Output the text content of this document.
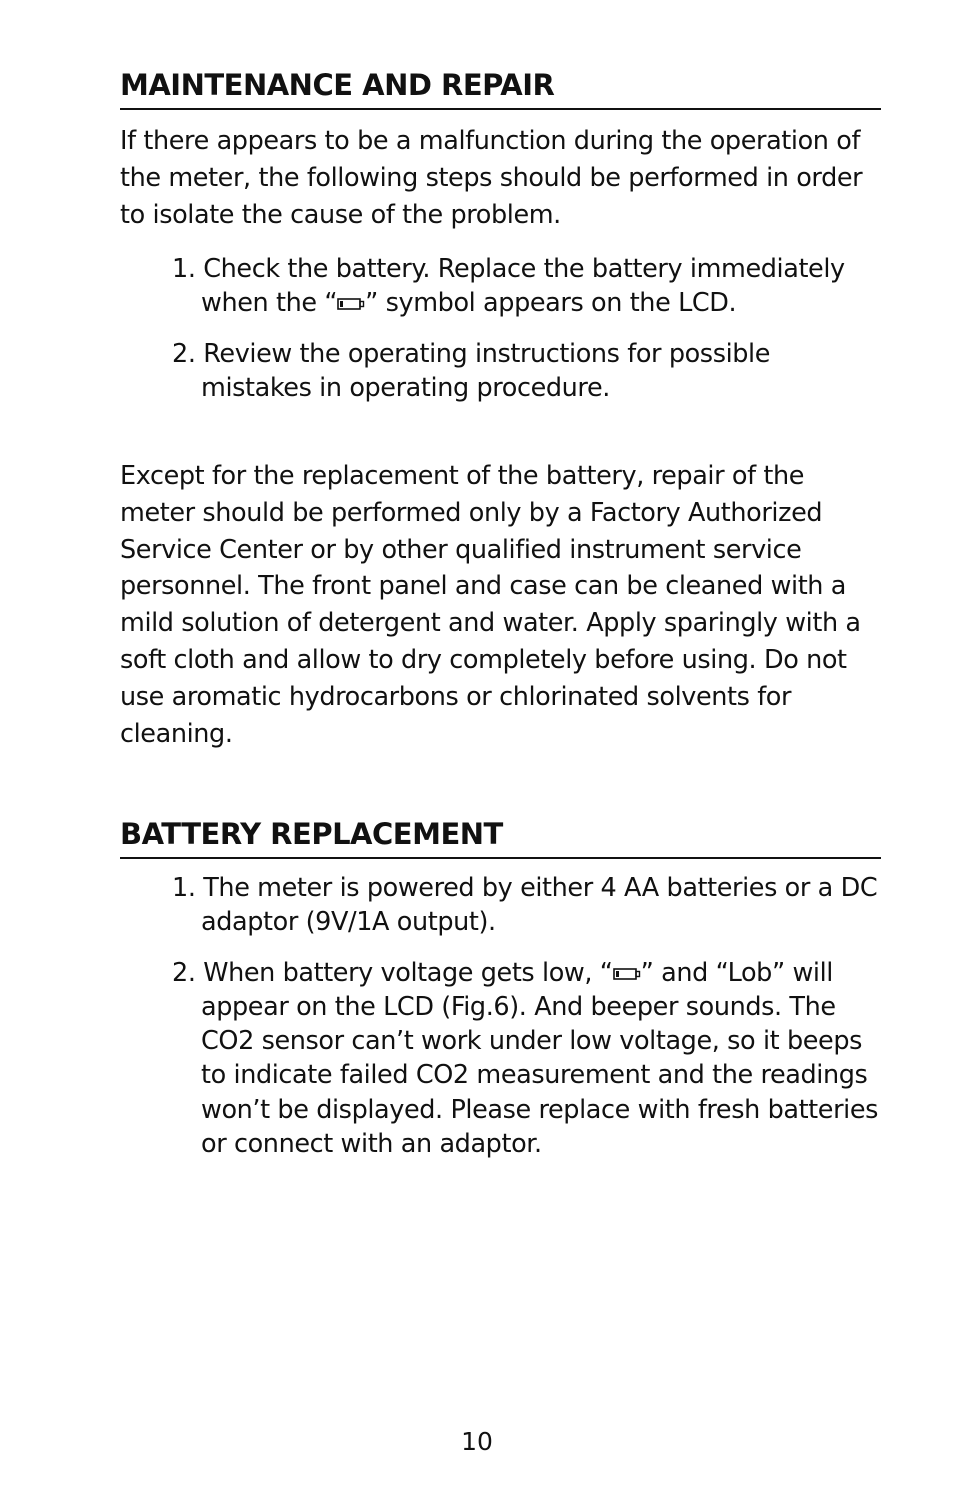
MAINTENANCE AND REPAIR

If there appears to be a malfunction during the operation of the meter, the following steps should be performed in order to isolate the cause of the problem.

1. Check the battery. Replace the battery immediately when the “ ” symbol appears on the LCD.
2. Review the operating instructions for possible mistakes in operating procedure.

Except for the replacement of the battery, repair of the meter should be performed only by a Factory Authorized Service Center or by other qualified instrument service personnel. The front panel and case can be cleaned with a mild solution of detergent and water. Apply sparingly with a soft cloth and allow to dry completely before using. Do not use aromatic hydrocarbons or chlorinated solvents for cleaning.

BATTERY REPLACEMENT
1. The meter is powered by either 4 AA batteries or a DC adaptor (9V/1A output).
2. When battery voltage gets low, “ ” and “Lob” will appear on the LCD (Fig.6). And beeper sounds. The CO2 sensor can’t work under low voltage, so it beeps to indicate failed CO2 measurement and the readings won’t be displayed. Please replace with fresh batteries or connect with an adaptor.
10
